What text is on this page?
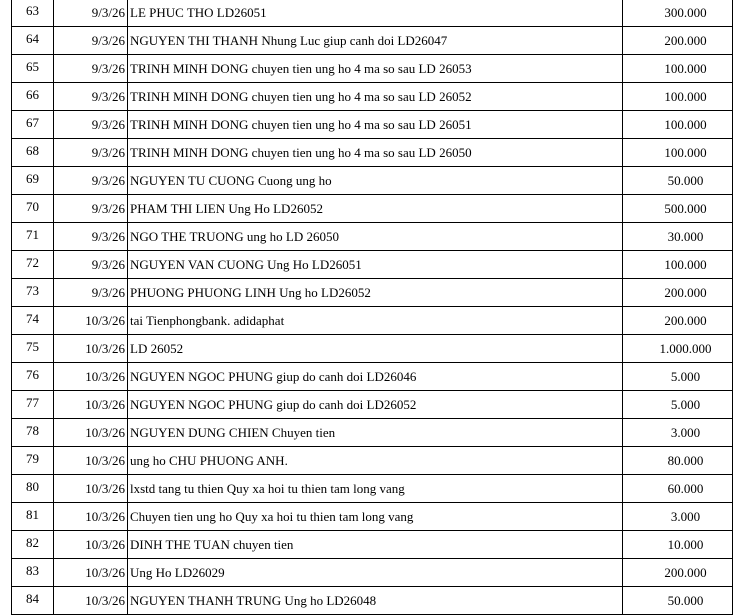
63	9/3/26	LE PHUC THO LD26051	300.000
64	9/3/26	NGUYEN THI THANH Nhung Luc giup canh doi LD26047	200.000
65	9/3/26	TRINH MINH DONG chuyen tien ung ho 4 ma so sau LD 26053	100.000
66	9/3/26	TRINH MINH DONG chuyen tien ung ho 4 ma so sau LD 26052	100.000
67	9/3/26	TRINH MINH DONG chuyen tien ung ho 4 ma so sau LD 26051	100.000
68	9/3/26	TRINH MINH DONG chuyen tien ung ho 4 ma so sau LD 26050	100.000
69	9/3/26	NGUYEN TU CUONG Cuong ung ho	50.000
70	9/3/26	PHAM THI LIEN Ung Ho LD26052	500.000
71	9/3/26	NGO THE TRUONG ung ho LD 26050	30.000
72	9/3/26	NGUYEN VAN CUONG Ung Ho LD26051	100.000
73	9/3/26	PHUONG PHUONG LINH Ung ho LD26052	200.000
74	10/3/26	tai Tienphongbank. adidaphat	200.000
75	10/3/26	LD 26052	1.000.000
76	10/3/26	NGUYEN NGOC PHUNG giup do canh doi LD26046	5.000
77	10/3/26	NGUYEN NGOC PHUNG giup do canh doi LD26052	5.000
78	10/3/26	NGUYEN DUNG CHIEN Chuyen tien	3.000
79	10/3/26	ung ho CHU PHUONG ANH.	80.000
80	10/3/26	lxstd tang tu thien Quy xa hoi tu thien tam long vang	60.000
81	10/3/26	Chuyen tien ung ho Quy xa hoi tu thien tam long vang	3.000
82	10/3/26	DINH THE TUAN chuyen tien	10.000
83	10/3/26	Ung Ho LD26029	200.000
84	10/3/26	NGUYEN THANH TRUNG Ung ho LD26048	50.000
